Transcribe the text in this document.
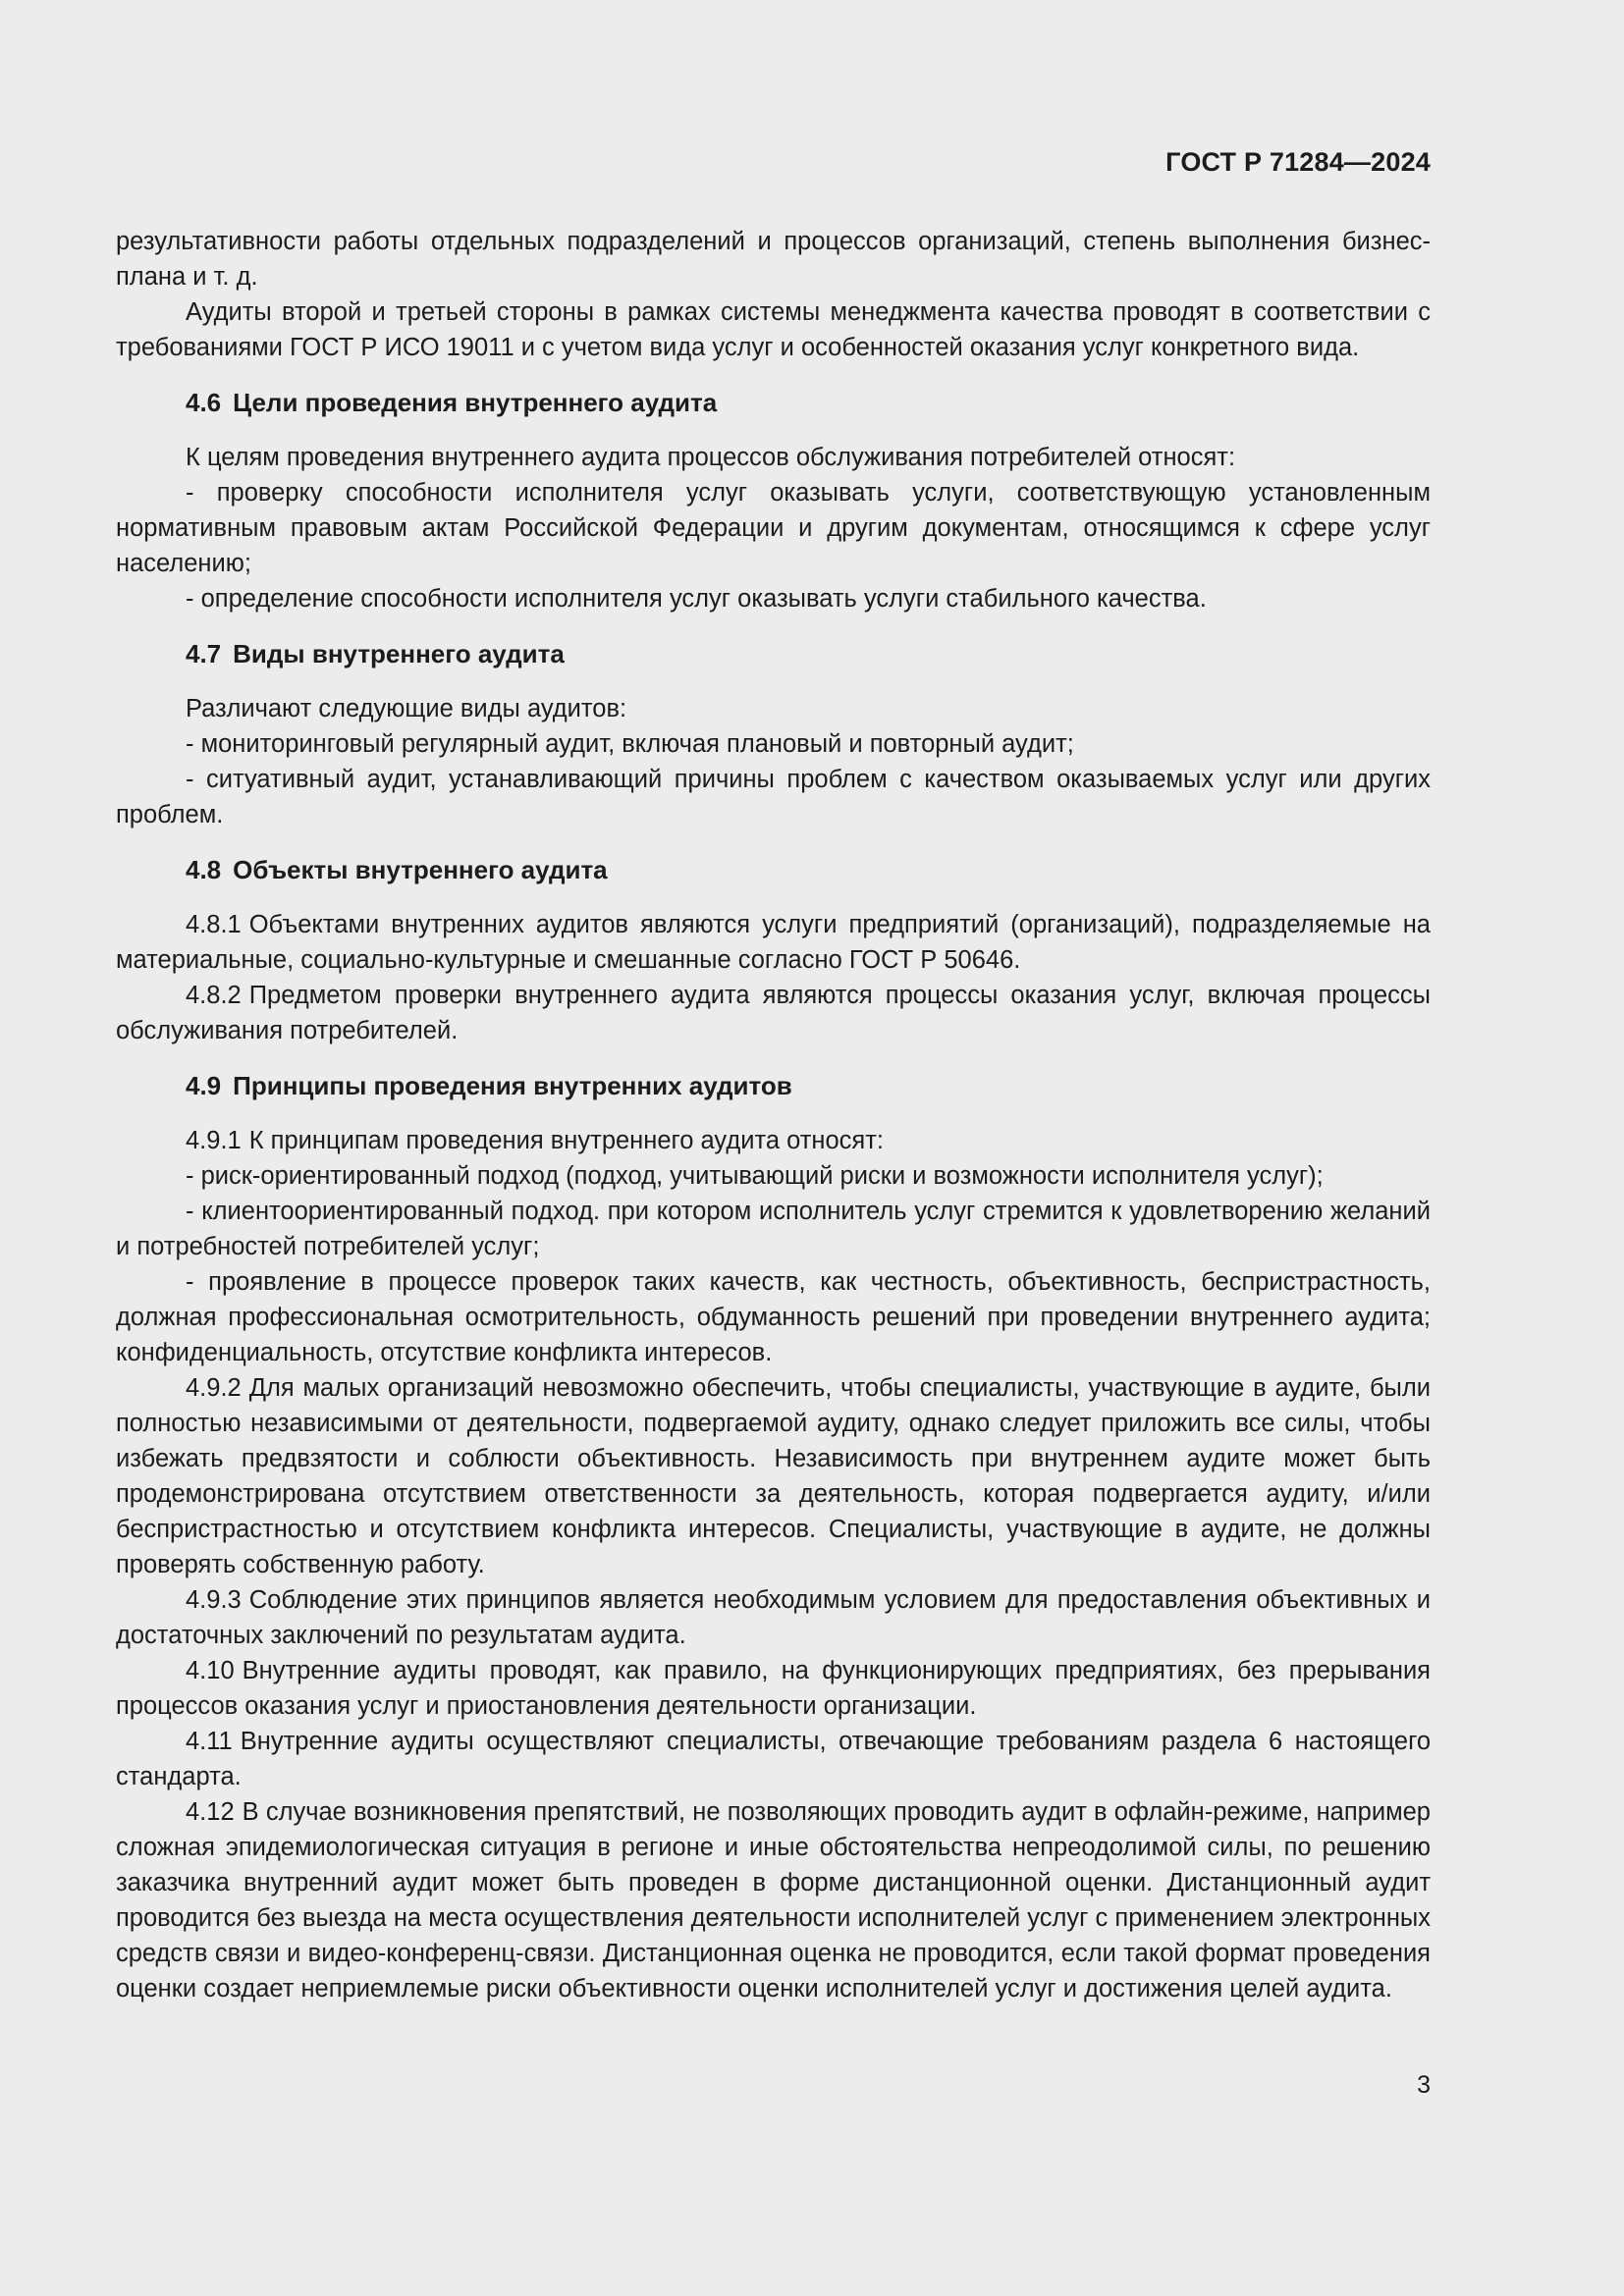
ГОСТ Р 71284—2024

результативности работы отдельных подразделений и процессов организаций, степень выполнения бизнес-плана и т. д.

Аудиты второй и третьей стороны в рамках системы менеджмента качества проводят в соответствии с требованиями ГОСТ Р ИСО 19011 и с учетом вида услуг и особенностей оказания услуг конкретного вида.

4.6 Цели проведения внутреннего аудита

К целям проведения внутреннего аудита процессов обслуживания потребителей относят:

- проверку способности исполнителя услуг оказывать услуги, соответствующую установленным нормативным правовым актам Российской Федерации и другим документам, относящимся к сфере услуг населению;

- определение способности исполнителя услуг оказывать услуги стабильного качества.

4.7 Виды внутреннего аудита

Различают следующие виды аудитов:

- мониторинговый регулярный аудит, включая плановый и повторный аудит;

- ситуативный аудит, устанавливающий причины проблем с качеством оказываемых услуг или других проблем.

4.8 Объекты внутреннего аудита

4.8.1 Объектами внутренних аудитов являются услуги предприятий (организаций), подразделяемые на материальные, социально-культурные и смешанные согласно ГОСТ Р 50646.

4.8.2 Предметом проверки внутреннего аудита являются процессы оказания услуг, включая процессы обслуживания потребителей.

4.9 Принципы проведения внутренних аудитов

4.9.1 К принципам проведения внутреннего аудита относят:

- риск-ориентированный подход (подход, учитывающий риски и возможности исполнителя услуг);

- клиентоориентированный подход. при котором исполнитель услуг стремится к удовлетворению желаний и потребностей потребителей услуг;

- проявление в процессе проверок таких качеств, как честность, объективность, беспристрастность, должная профессиональная осмотрительность, обдуманность решений при проведении внутреннего аудита; конфиденциальность, отсутствие конфликта интересов.

4.9.2 Для малых организаций невозможно обеспечить, чтобы специалисты, участвующие в аудите, были полностью независимыми от деятельности, подвергаемой аудиту, однако следует приложить все силы, чтобы избежать предвзятости и соблюсти объективность. Независимость при внутреннем аудите может быть продемонстрирована отсутствием ответственности за деятельность, которая подвергается аудиту, и/или беспристрастностью и отсутствием конфликта интересов. Специалисты, участвующие в аудите, не должны проверять собственную работу.

4.9.3 Соблюдение этих принципов является необходимым условием для предоставления объективных и достаточных заключений по результатам аудита.

4.10 Внутренние аудиты проводят, как правило, на функционирующих предприятиях, без прерывания процессов оказания услуг и приостановления деятельности организации.

4.11 Внутренние аудиты осуществляют специалисты, отвечающие требованиям раздела 6 настоящего стандарта.

4.12 В случае возникновения препятствий, не позволяющих проводить аудит в офлайн-режиме, например сложная эпидемиологическая ситуация в регионе и иные обстоятельства непреодолимой силы, по решению заказчика внутренний аудит может быть проведен в форме дистанционной оценки. Дистанционный аудит проводится без выезда на места осуществления деятельности исполнителей услуг с применением электронных средств связи и видео-конференц-связи. Дистанционная оценка не проводится, если такой формат проведения оценки создает неприемлемые риски объективности оценки исполнителей услуг и достижения целей аудита.

3
